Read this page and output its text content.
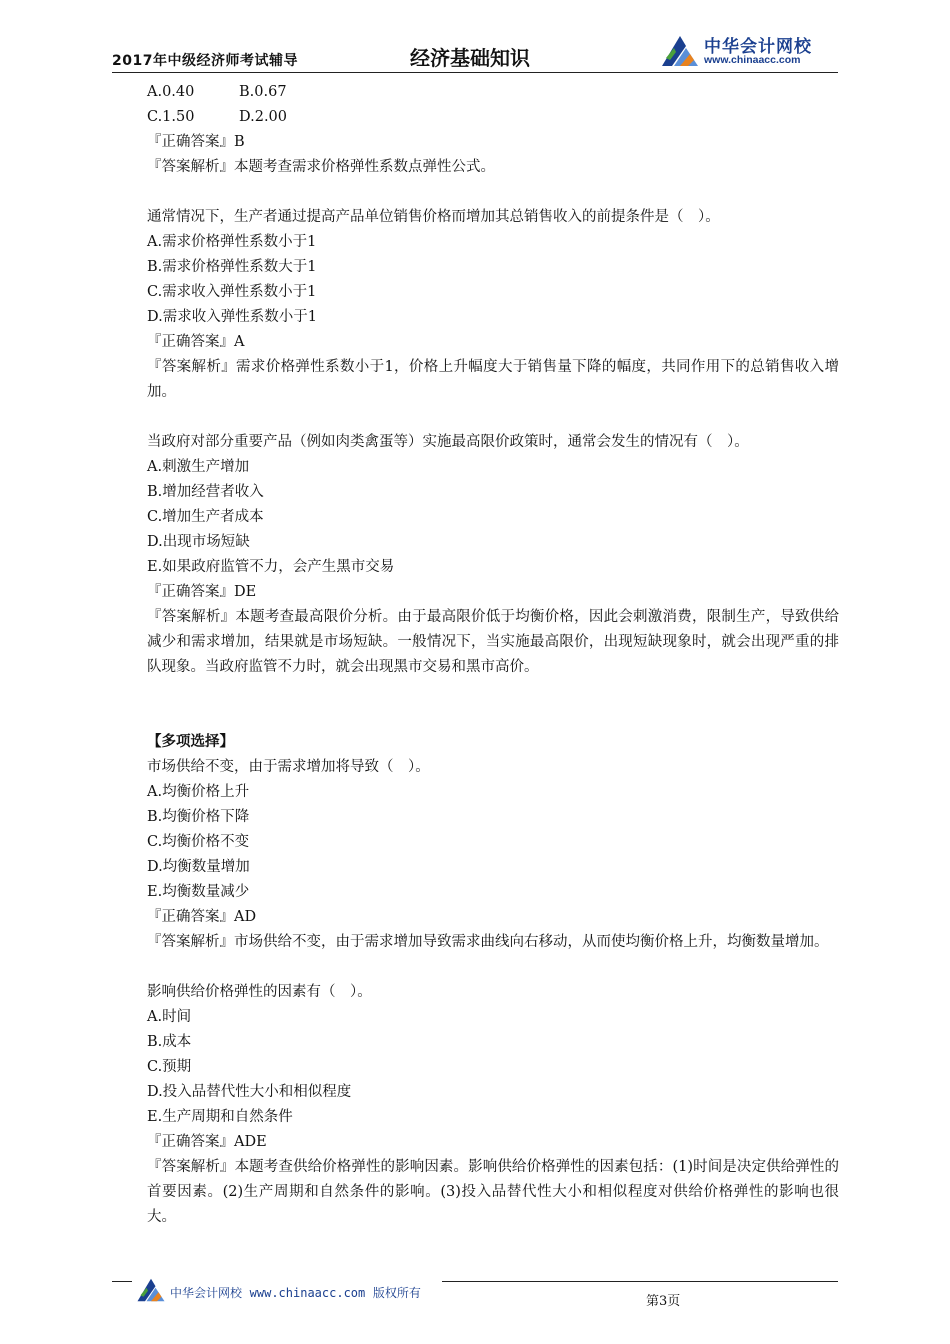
2017年中级经济师考试辅导	经济基础知识	中华会计网校
www.chinaacc.com
A.0.40	B.0.67
C.1.50	D.2.00
『正确答案』B
『答案解析』本题考查需求价格弹性系数点弹性公式。
通常情况下，生产者通过提高产品单位销售价格而增加其总销售收入的前提条件是（　）。
A.需求价格弹性系数小于1
B.需求价格弹性系数大于1
C.需求收入弹性系数小于1
D.需求收入弹性系数小于1
『正确答案』A
『答案解析』需求价格弹性系数小于1，价格上升幅度大于销售量下降的幅度，共同作用下的总销售收入增加。
当政府对部分重要产品（例如肉类禽蛋等）实施最高限价政策时，通常会发生的情况有（　）。
A.刺激生产增加
B.增加经营者收入
C.增加生产者成本
D.出现市场短缺
E.如果政府监管不力，会产生黑市交易
『正确答案』DE
『答案解析』本题考查最高限价分析。由于最高限价低于均衡价格，因此会刺激消费，限制生产，导致供给减少和需求增加，结果就是市场短缺。一般情况下，当实施最高限价，出现短缺现象时，就会出现严重的排队现象。当政府监管不力时，就会出现黑市交易和黑市高价。
【多项选择】
市场供给不变，由于需求增加将导致（　）。
A.均衡价格上升
B.均衡价格下降
C.均衡价格不变
D.均衡数量增加
E.均衡数量减少
『正确答案』AD
『答案解析』市场供给不变，由于需求增加导致需求曲线向右移动，从而使均衡价格上升，均衡数量增加。
影响供给价格弹性的因素有（　）。
A.时间
B.成本
C.预期
D.投入品替代性大小和相似程度
E.生产周期和自然条件
『正确答案』ADE
『答案解析』本题考查供给价格弹性的影响因素。影响供给价格弹性的因素包括：(1)时间是决定供给弹性的首要因素。(2)生产周期和自然条件的影响。(3)投入品替代性大小和相似程度对供给价格弹性的影响也很大。
中华会计网校 www.chinaacc.com 版权所有
第3页
